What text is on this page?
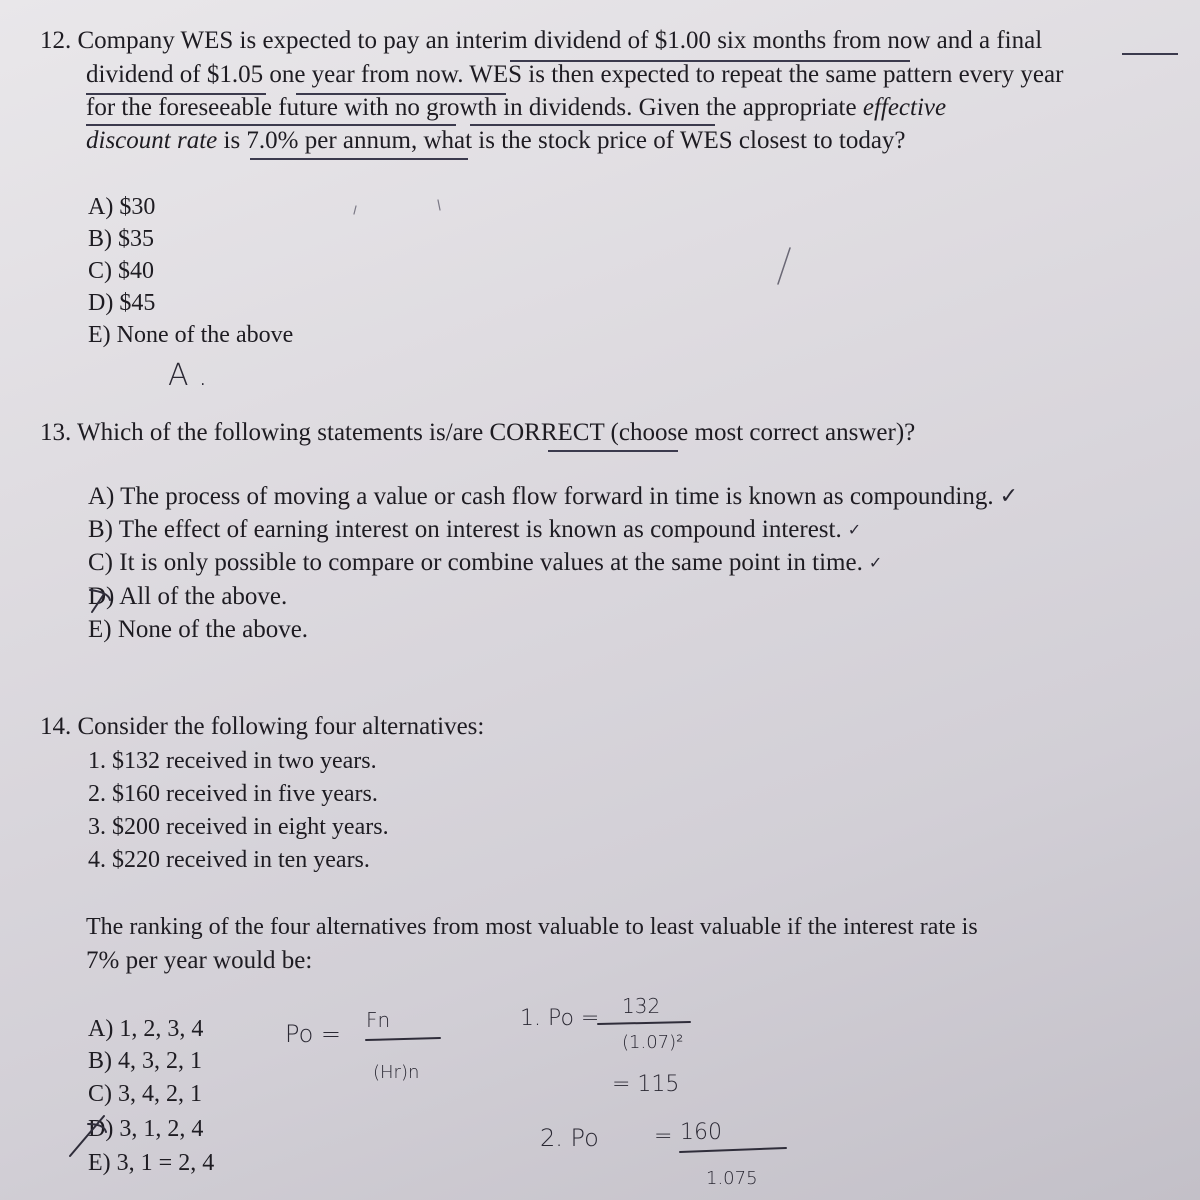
12. Company WES is expected to pay an interim dividend of $1.00 six months from now and a final
dividend of $1.05 one year from now. WES is then expected to repeat the same pattern every year
for the foreseeable future with no growth in dividends. Given the appropriate effective
discount rate is 7.0% per annum, what is the stock price of WES closest to today?
A) $30
B) $35
C) $40
D) $45
E) None of the above
A .
13. Which of the following statements is/are CORRECT (choose most correct answer)?
A) The process of moving a value or cash flow forward in time is known as compounding. ✓
B) The effect of earning interest on interest is known as compound interest. ✓
C) It is only possible to compare or combine values at the same point in time. ✓
D) All of the above.
E) None of the above.
14. Consider the following four alternatives:
1. $132 received in two years.
2. $160 received in five years.
3. $200 received in eight years.
4. $220 received in ten years.
The ranking of the four alternatives from most valuable to least valuable if the interest rate is
7% per year would be:
A) 1, 2, 3, 4
B) 4, 3, 2, 1
C) 3, 4, 2, 1
D) 3, 1, 2, 4
E) 3, 1 = 2, 4
Po = Fn
(Hr)n
1. Po = 132
(1.07)²
= 115
2. Po	= 160
1.075
